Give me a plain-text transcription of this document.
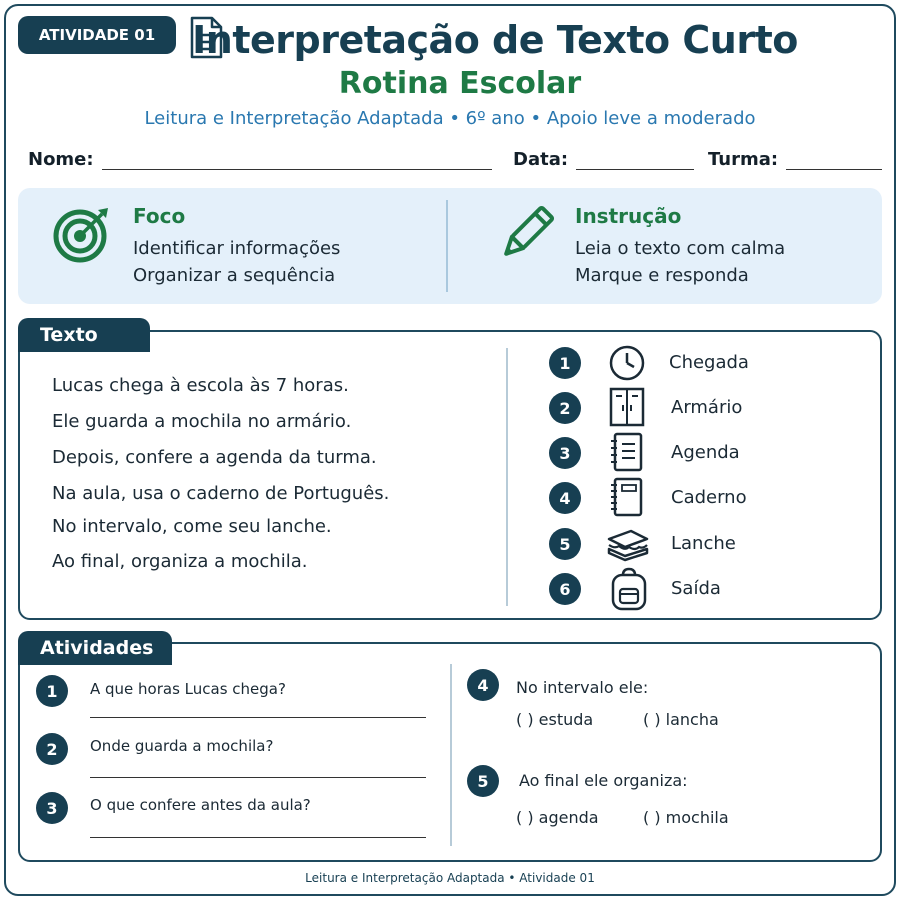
ATIVIDADE 01 Interpretação de Texto Curto
Rotina Escolar
Leitura e Interpretação Adaptada • 6º ano • Apoio leve a moderado
Nome:	Data:	Turma:
Foco
Identificar informações
Organizar a sequência
Instrução
Leia o texto com calma
Marque e responda
Texto
Lucas chega à escola às 7 horas.
Ele guarda a mochila no armário.
Depois, confere a agenda da turma.
Na aula, usa o caderno de Português.
No intervalo, come seu lanche.
Ao final, organiza a mochila.
1	Chegada
2	Armário
3	Agenda
4	Caderno
5	Lanche
6	Saída
Atividades
1	A que horas Lucas chega?
2	Onde guarda a mochila?
3	O que confere antes da aula?
4	No intervalo ele:
( ) estuda	( ) lancha
5	Ao final ele organiza:
( ) agenda	( ) mochila
Leitura e Interpretação Adaptada • Atividade 01
